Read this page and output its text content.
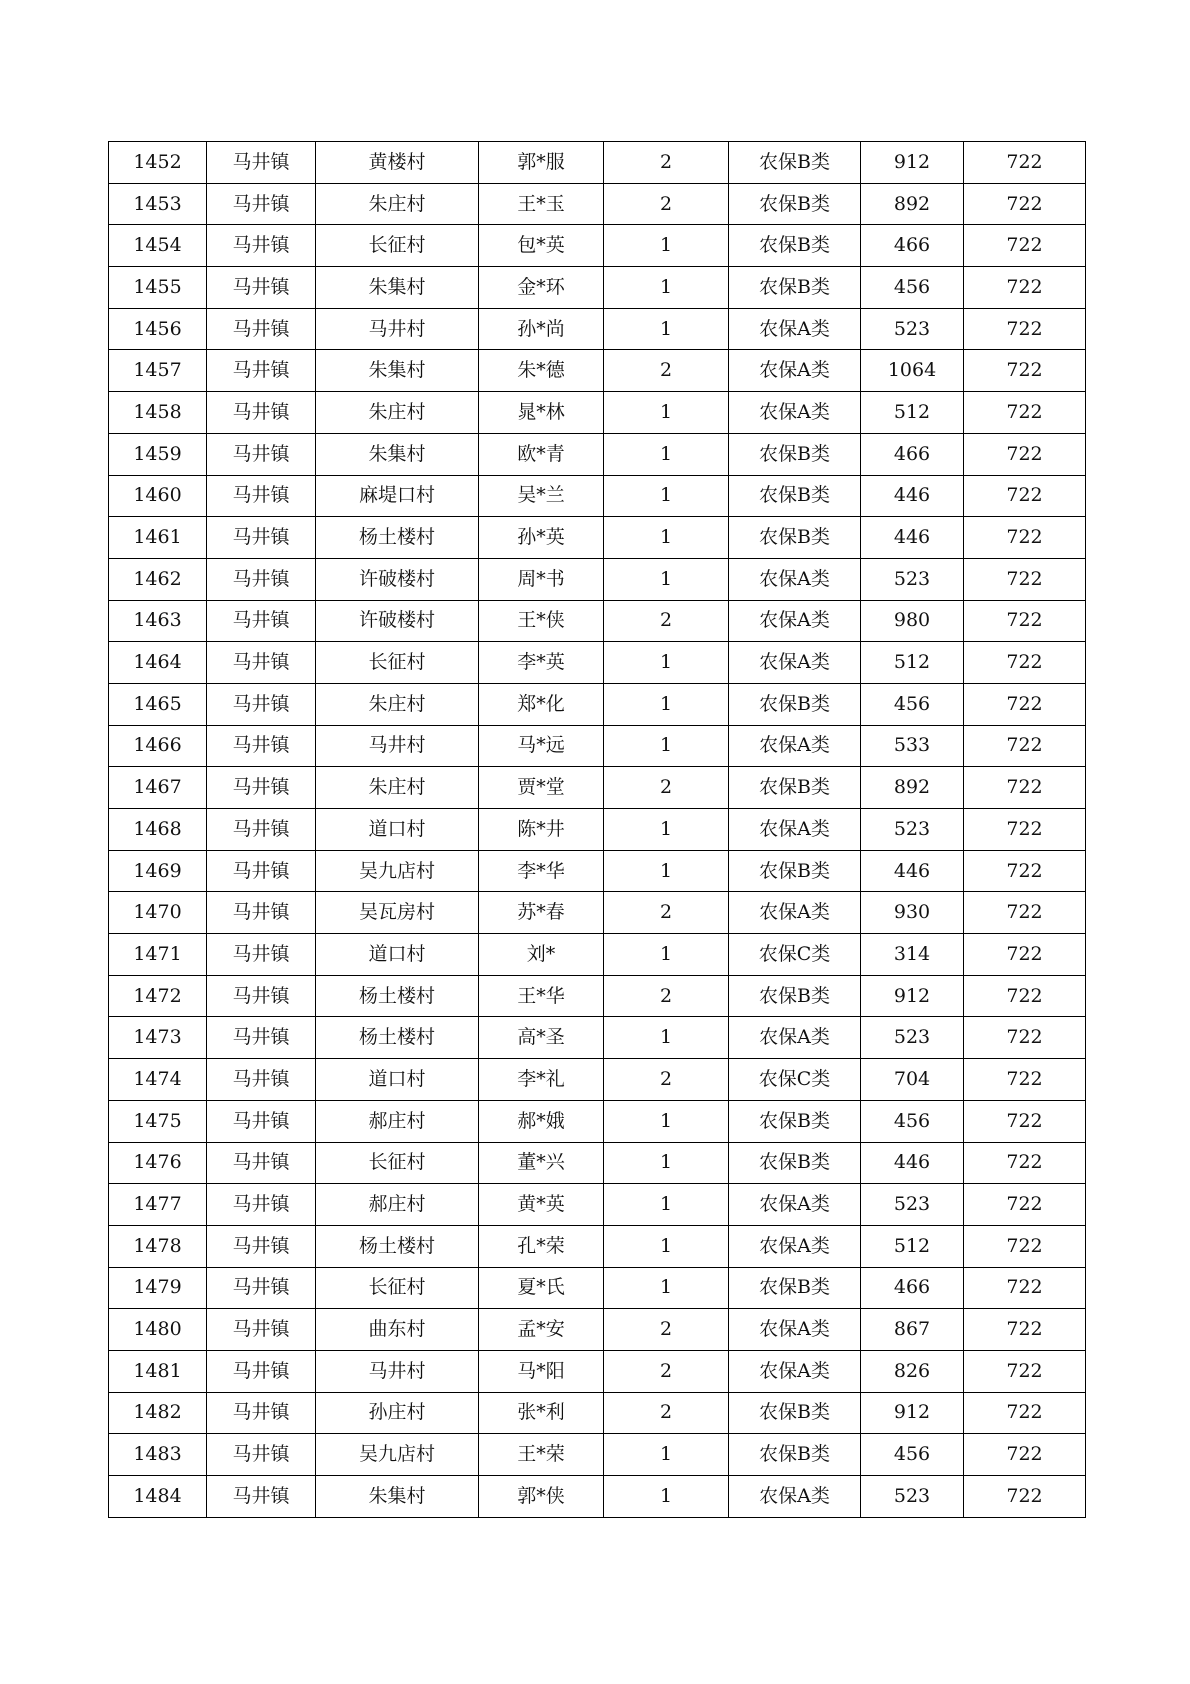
1452	马井镇	黄楼村	郭*服	2	农保B类	912	722
1453	马井镇	朱庄村	王*玉	2	农保B类	892	722
1454	马井镇	长征村	包*英	1	农保B类	466	722
1455	马井镇	朱集村	金*环	1	农保B类	456	722
1456	马井镇	马井村	孙*尚	1	农保A类	523	722
1457	马井镇	朱集村	朱*德	2	农保A类	1064	722
1458	马井镇	朱庄村	晁*林	1	农保A类	512	722
1459	马井镇	朱集村	欧*青	1	农保B类	466	722
1460	马井镇	麻堤口村	吴*兰	1	农保B类	446	722
1461	马井镇	杨土楼村	孙*英	1	农保B类	446	722
1462	马井镇	许破楼村	周*书	1	农保A类	523	722
1463	马井镇	许破楼村	王*侠	2	农保A类	980	722
1464	马井镇	长征村	李*英	1	农保A类	512	722
1465	马井镇	朱庄村	郑*化	1	农保B类	456	722
1466	马井镇	马井村	马*远	1	农保A类	533	722
1467	马井镇	朱庄村	贾*堂	2	农保B类	892	722
1468	马井镇	道口村	陈*井	1	农保A类	523	722
1469	马井镇	吴九店村	李*华	1	农保B类	446	722
1470	马井镇	吴瓦房村	苏*春	2	农保A类	930	722
1471	马井镇	道口村	刘*	1	农保C类	314	722
1472	马井镇	杨土楼村	王*华	2	农保B类	912	722
1473	马井镇	杨土楼村	高*圣	1	农保A类	523	722
1474	马井镇	道口村	李*礼	2	农保C类	704	722
1475	马井镇	郝庄村	郝*娥	1	农保B类	456	722
1476	马井镇	长征村	董*兴	1	农保B类	446	722
1477	马井镇	郝庄村	黄*英	1	农保A类	523	722
1478	马井镇	杨土楼村	孔*荣	1	农保A类	512	722
1479	马井镇	长征村	夏*氏	1	农保B类	466	722
1480	马井镇	曲东村	孟*安	2	农保A类	867	722
1481	马井镇	马井村	马*阳	2	农保A类	826	722
1482	马井镇	孙庄村	张*利	2	农保B类	912	722
1483	马井镇	吴九店村	王*荣	1	农保B类	456	722
1484	马井镇	朱集村	郭*侠	1	农保A类	523	722
